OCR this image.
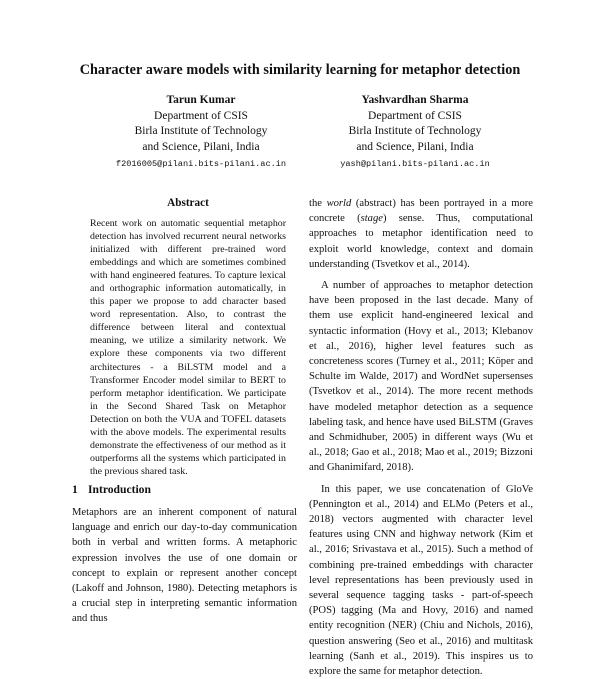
Character aware models with similarity learning for metaphor detection
Tarun Kumar
Department of CSIS
Birla Institute of Technology
and Science, Pilani, India
f2016005@pilani.bits-pilani.ac.in
Yashvardhan Sharma
Department of CSIS
Birla Institute of Technology
and Science, Pilani, India
yash@pilani.bits-pilani.ac.in
Abstract
Recent work on automatic sequential metaphor detection has involved recurrent neural networks initialized with different pre-trained word embeddings and which are sometimes combined with hand engineered features. To capture lexical and orthographic information automatically, in this paper we propose to add character based word representation. Also, to contrast the difference between literal and contextual meaning, we utilize a similarity network. We explore these components via two different architectures - a BiLSTM model and a Transformer Encoder model similar to BERT to perform metaphor identification. We participate in the Second Shared Task on Metaphor Detection on both the VUA and TOFEL datasets with the above models. The experimental results demonstrate the effectiveness of our method as it outperforms all the systems which participated in the previous shared task.
1 Introduction

Metaphors are an inherent component of natural language and enrich our day-to-day communication both in verbal and written forms. A metaphoric expression involves the use of one domain or concept to explain or represent another concept (Lakoff and Johnson, 1980). Detecting metaphors is a crucial step in interpreting semantic information and thus

the world (abstract) has been portrayed in a more concrete (stage) sense. Thus, computational approaches to metaphor identification need to exploit world knowledge, context and domain understanding (Tsvetkov et al., 2014).

A number of approaches to metaphor detection have been proposed in the last decade. Many of them use explicit hand-engineered lexical and syntactic information (Hovy et al., 2013; Klebanov et al., 2016), higher level features such as concreteness scores (Turney et al., 2011; Köper and Schulte im Walde, 2017) and WordNet supersenses (Tsvetkov et al., 2014). The more recent methods have modeled metaphor detection as a sequence labeling task, and hence have used BiLSTM (Graves and Schmidhuber, 2005) in different ways (Wu et al., 2018; Gao et al., 2018; Mao et al., 2019; Bizzoni and Ghanimifard, 2018).

In this paper, we use concatenation of GloVe (Pennington et al., 2014) and ELMo (Peters et al., 2018) vectors augmented with character level features using CNN and highway network (Kim et al., 2016; Srivastava et al., 2015). Such a method of combining pre-trained embeddings with character level representations has been previously used in several sequence tagging tasks - part-of-speech (POS) tagging (Ma and Hovy, 2016) and named entity recognition (NER) (Chiu and Nichols, 2016), question answering (Seo et al., 2016) and multitask learning (Sanh et al., 2019). This inspires us to explore the same for metaphor detection.
